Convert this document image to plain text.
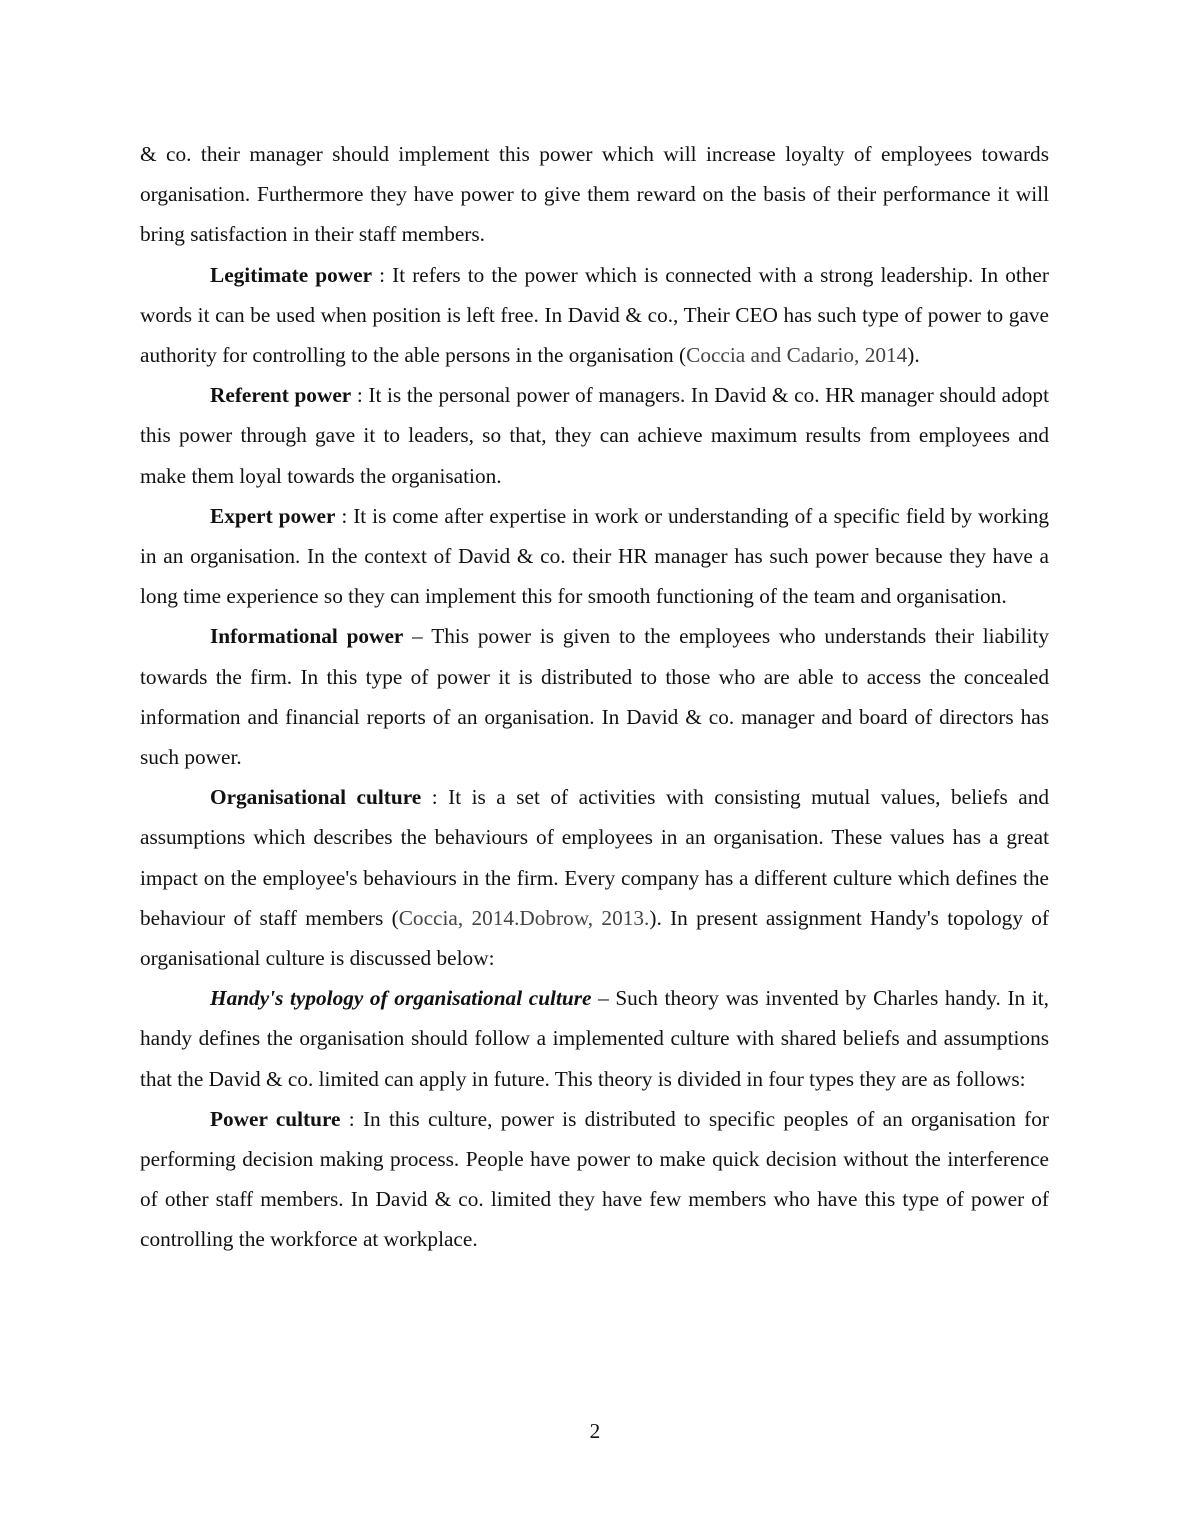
& co. their manager should implement this power which will increase loyalty of employees towards organisation. Furthermore they have power to give them reward on the basis of their performance it will bring satisfaction in their staff members.

Legitimate power : It refers to the power which is connected with a strong leadership. In other words it can be used when position is left free. In David & co., Their CEO has such type of power to gave authority for controlling to the able persons in the organisation (Coccia and Cadario, 2014).

Referent power : It is the personal power of managers. In David & co. HR manager should adopt this power through gave it to leaders, so that, they can achieve maximum results from employees and make them loyal towards the organisation.

Expert power : It is come after expertise in work or understanding of a specific field by working in an organisation. In the context of David & co. their HR manager has such power because they have a long time experience so they can implement this for smooth functioning of the team and organisation.

Informational power – This power is given to the employees who understands their liability towards the firm. In this type of power it is distributed to those who are able to access the concealed information and financial reports of an organisation. In David & co. manager and board of directors has such power.

Organisational culture : It is a set of activities with consisting mutual values, beliefs and assumptions which describes the behaviours of employees in an organisation. These values has a great impact on the employee's behaviours in the firm. Every company has a different culture which defines the behaviour of staff members (Coccia, 2014.Dobrow, 2013.). In present assignment Handy's topology of organisational culture is discussed below:

Handy's typology of organisational culture – Such theory was invented by Charles handy. In it, handy defines the organisation should follow a implemented culture with shared beliefs and assumptions that the David & co. limited can apply in future. This theory is divided in four types they are as follows:

Power culture : In this culture, power is distributed to specific peoples of an organisation for performing decision making process. People have power to make quick decision without the interference of other staff members. In David & co. limited they have few members who have this type of power of controlling the workforce at workplace.

2
